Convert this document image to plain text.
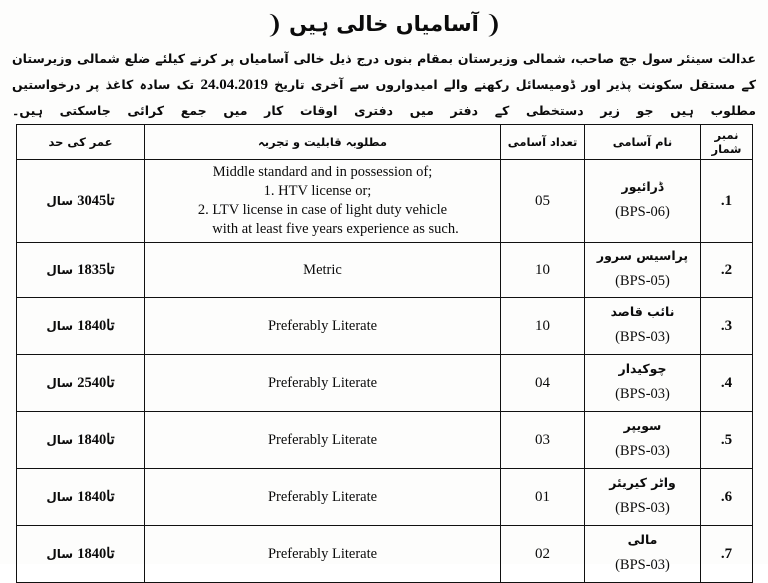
❨ آسامیاں خالی ہیں ❩
عدالت سینئر سول جج صاحب، شمالی وزیرستان بمقام بنوں درج ذیل خالی آسامیاں پر کرنے کیلئے ضلع شمالی وزیرستان کے مستقل سکونت پذیر اور ڈومیسائل رکھنے والے امیدواروں سے آخری تاریخ 24.04.2019 تک سادہ کاغذ پر درخواستیں مطلوب ہیں جو زیر دستخطی کے دفتر میں دفتری اوقات کار میں جمع کرائی جاسکتی ہیں۔
نمبر شمار	نام آسامی	تعداد آسامی	مطلوبہ قابلیت و تجربہ	عمر کی حد
.1	ڈرائیور
(BPS-06)	05	Middle standard and in possession of;
1. HTV license or;
2. LTV license in case of light duty vehicle
with at least five years experience as such.	30 تا45 سال
.2	پراسیس سرور
(BPS-05)	10	Metric	18 تا35 سال
.3	نائب قاصد
(BPS-03)	10	Preferably Literate	18 تا40 سال
.4	چوکیدار
(BPS-03)	04	Preferably Literate	25 تا40 سال
.5	سویپر
(BPS-03)	03	Preferably Literate	18 تا40 سال
.6	واٹر کیریئر
(BPS-03)	01	Preferably Literate	18 تا40 سال
.7	مالی
(BPS-03)	02	Preferably Literate	18 تا40 سال
